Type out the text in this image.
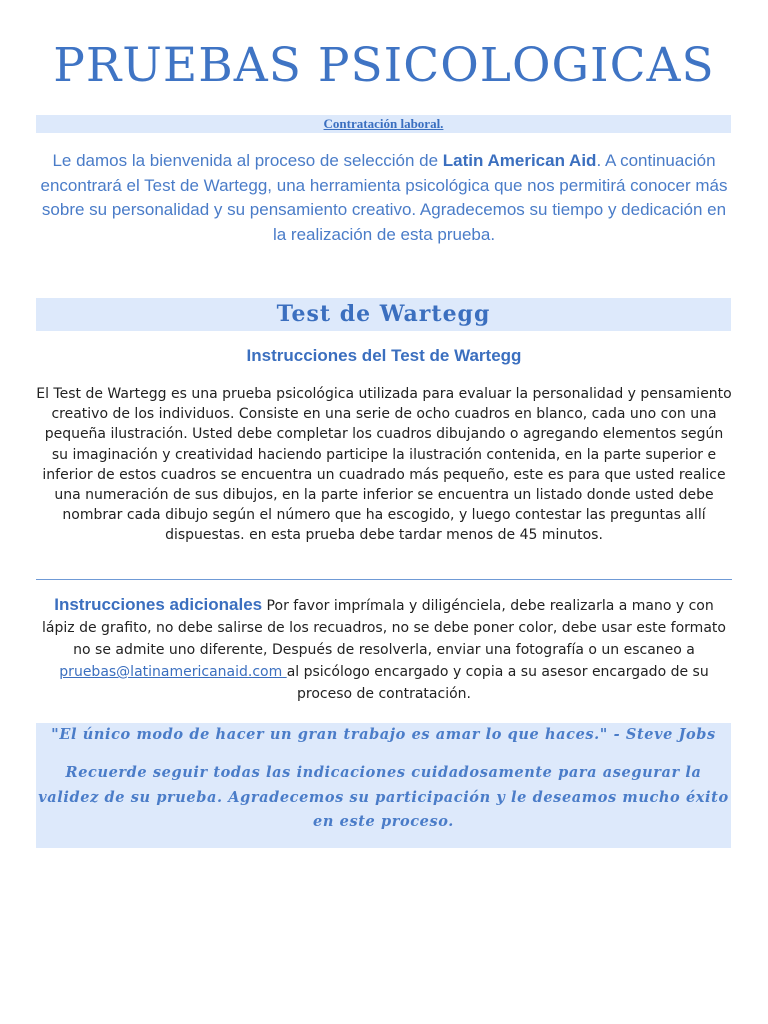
PRUEBAS PSICOLOGICAS
Contratación laboral.

Le damos la bienvenida al proceso de selección de Latin American Aid. A continuación encontrará el Test de Wartegg, una herramienta psicológica que nos permitirá conocer más sobre su personalidad y su pensamiento creativo. Agradecemos su tiempo y dedicación en la realización de esta prueba.

Test de Wartegg
Instrucciones del Test de Wartegg

El Test de Wartegg es una prueba psicológica utilizada para evaluar la personalidad y pensamiento creativo de los individuos. Consiste en una serie de ocho cuadros en blanco, cada uno con una pequeña ilustración. Usted debe completar los cuadros dibujando o agregando elementos según su imaginación y creatividad haciendo participe la ilustración contenida, en la parte superior e inferior de estos cuadros se encuentra un cuadrado más pequeño, este es para que usted realice una numeración de sus dibujos, en la parte inferior se encuentra un listado donde usted debe nombrar cada dibujo según el número que ha escogido, y luego contestar las preguntas allí dispuestas. en esta prueba debe tardar menos de 45 minutos.

Instrucciones adicionales Por favor imprímala y diligénciela, debe realizarla a mano y con lápiz de grafito, no debe salirse de los recuadros, no se debe poner color, debe usar este formato no se admite uno diferente, Después de resolverla, enviar una fotografía o un escaneo a pruebas@latinamericanaid.com al psicólogo encargado y copia a su asesor encargado de su proceso de contratación.

"El único modo de hacer un gran trabajo es amar lo que haces." - Steve Jobs

Recuerde seguir todas las indicaciones cuidadosamente para asegurar la validez de su prueba. Agradecemos su participación y le deseamos mucho éxito en este proceso.
